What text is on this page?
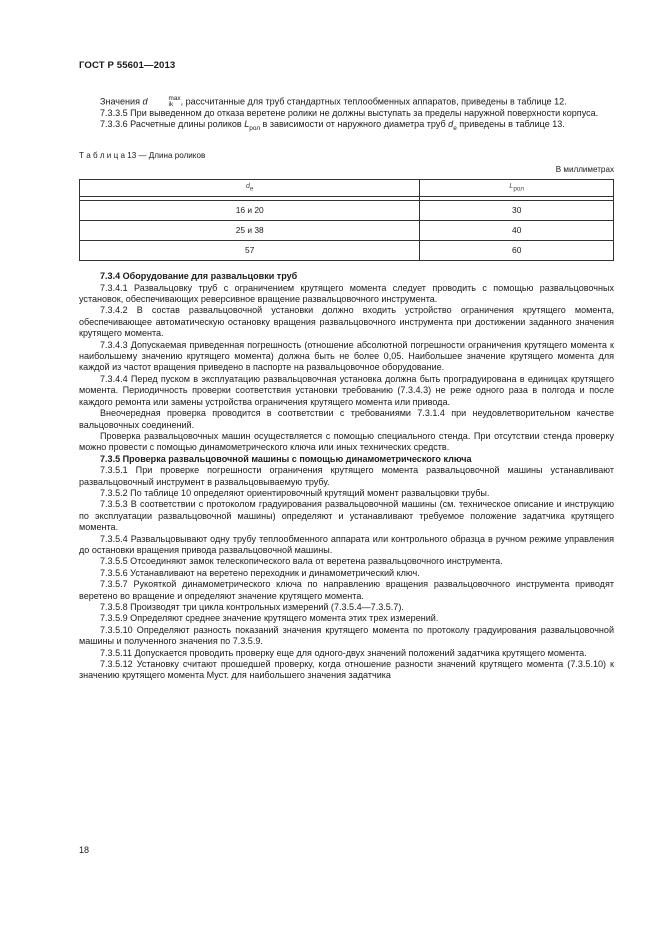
ГОСТ Р 55601—2013

Значения d	max
ik , рассчитанные для труб стандартных теплообменных аппаратов, приведены в таблице 12.

7.3.3.5 При выведенном до отказа веретене ролики не должны выступать за пределы наружной поверхности корпуса.

7.3.3.6 Расчетные длины роликов $L_{рол}$ в зависимости от наружного диаметра труб $d_e$ приведены в таблице 13.

Т а б л и ц а 13 — Длина роликов

В миллиметрах

$d_e$	$L_{рол}$

16 и 20	30
25 и 38	40
57	60

7.3.4 Оборудование для развальцовки труб

7.3.4.1 Развальцовку труб с ограничением крутящего момента следует проводить с помощью развальцовочных установок, обеспечивающих реверсивное вращение развальцовочного инструмента.

7.3.4.2 В состав развальцовочной установки должно входить устройство ограничения крутящего момента, обеспечивающее автоматическую остановку вращения развальцовочного инструмента при достижении заданного значения крутящего момента.

7.3.4.3 Допускаемая приведенная погрешность (отношение абсолютной погрешности ограничения крутящего момента к наибольшему значению крутящего момента) должна быть не более 0,05. Наибольшее значение крутящего момента для каждой из частот вращения приведено в паспорте на развальцовочное оборудование.

7.3.4.4 Перед пуском в эксплуатацию развальцовочная установка должна быть проградуирована в единицах крутящего момента. Периодичность проверки соответствия установки требованию (7.3.4.3) не реже одного раза в полгода и после каждого ремонта или замены устройства ограничения крутящего момента или привода.

Внеочередная проверка проводится в соответствии с требованиями 7.3.1.4 при неудовлетворительном качестве вальцовочных соединений.

Проверка развальцовочных машин осуществляется с помощью специального стенда. При отсутствии стенда проверку можно провести с помощью динамометрического ключа или иных технических средств.

7.3.5 Проверка развальцовочной машины с помощью динамометрического ключа

7.3.5.1 При проверке погрешности ограничения крутящего момента развальцовочной машины устанавливают развальцовочный инструмент в развальцовываемую трубу.

7.3.5.2 По таблице 10 определяют ориентировочный крутящий момент развальцовки трубы.

7.3.5.3 В соответствии с протоколом градуирования развальцовочной машины (см. техническое описание и инструкцию по эксплуатации развальцовочной машины) определяют и устанавливают требуемое положение задатчика крутящего момента.

7.3.5.4 Развальцовывают одну трубу теплообменного аппарата или контрольного образца в ручном режиме управления до остановки вращения привода развальцовочной машины.

7.3.5.5 Отсоединяют замок телескопического вала от веретена развальцовочного инструмента.

7.3.5.6 Устанавливают на веретено переходник и динамометрический ключ.

7.3.5.7 Рукояткой динамометрического ключа по направлению вращения развальцовочного инструмента приводят веретено во вращение и определяют значение крутящего момента.

7.3.5.8 Производят три цикла контрольных измерений (7.3.5.4—7.3.5.7).

7.3.5.9 Определяют среднее значение крутящего момента этих трех измерений.

7.3.5.10 Определяют разность показаний значения крутящего момента по протоколу градуирования развальцовочной машины и полученного значения по 7.3.5.9.

7.3.5.11 Допускается проводить проверку еще для одного-двух значений положений задатчика крутящего момента.

7.3.5.12 Установку считают прошедшей проверку, когда отношение разности значений крутящего момента (7.3.5.10) к значению крутящего момента Муст. для наибольшего значения задатчика

18
